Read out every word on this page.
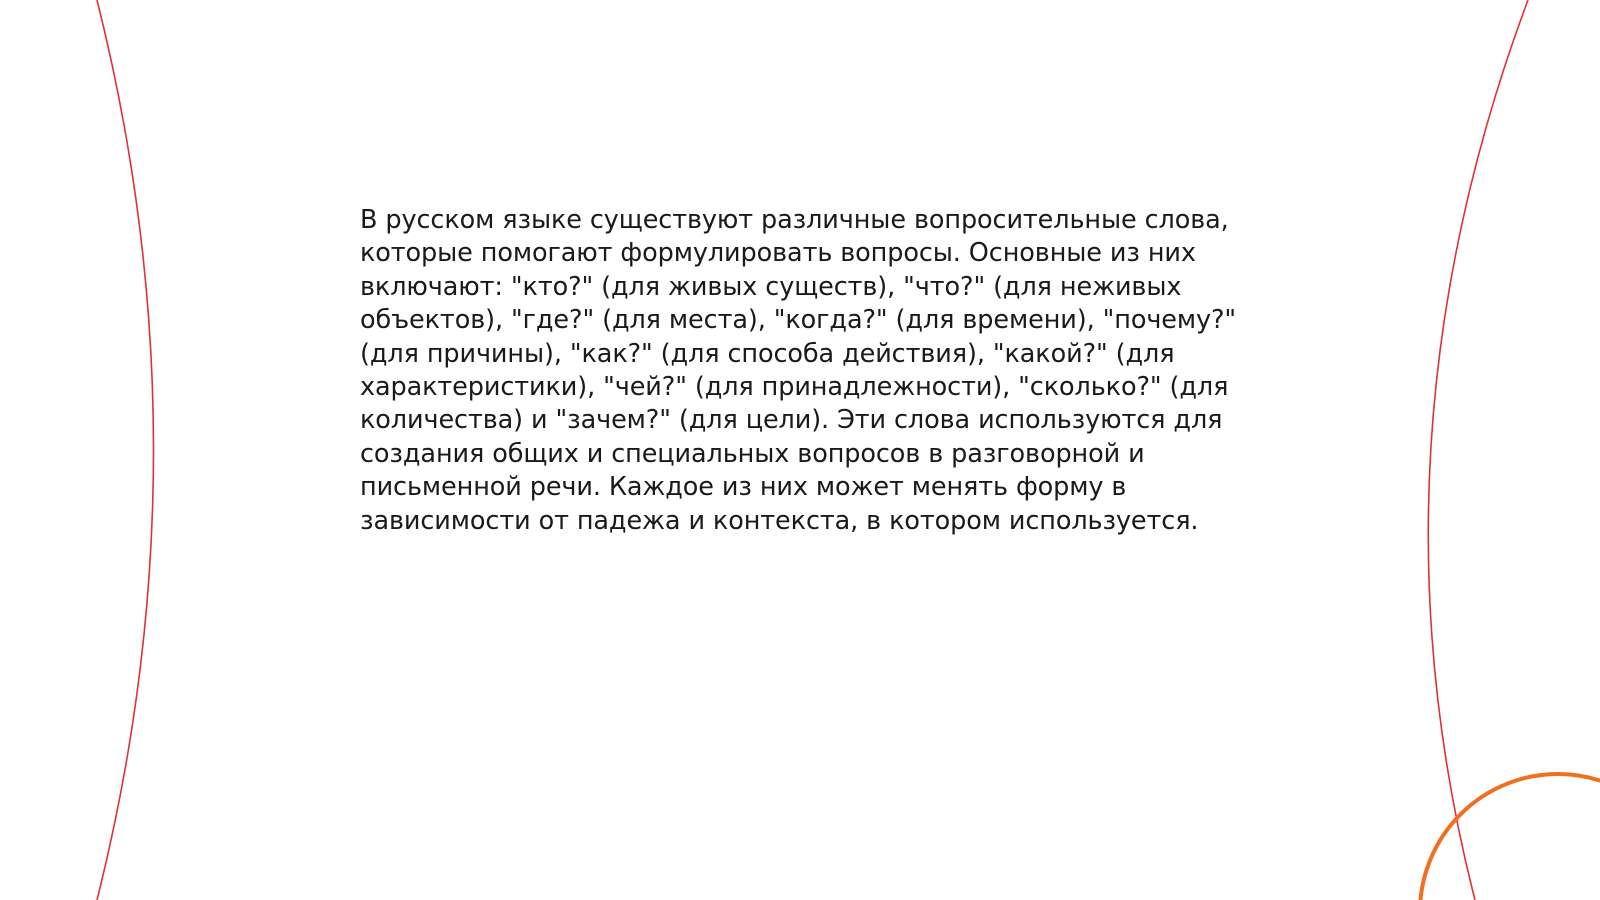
В русском языке существуют различные вопросительные слова, которые помогают формулировать вопросы. Основные из них включают: "кто?" (для живых существ), "что?" (для неживых объектов), "где?" (для места), "когда?" (для времени), "почему?" (для причины), "как?" (для способа действия), "какой?" (для характеристики), "чей?" (для принадлежности), "сколько?" (для количества) и "зачем?" (для цели). Эти слова используются для создания общих и специальных вопросов в разговорной и письменной речи. Каждое из них может менять форму в зависимости от падежа и контекста, в котором используется.
